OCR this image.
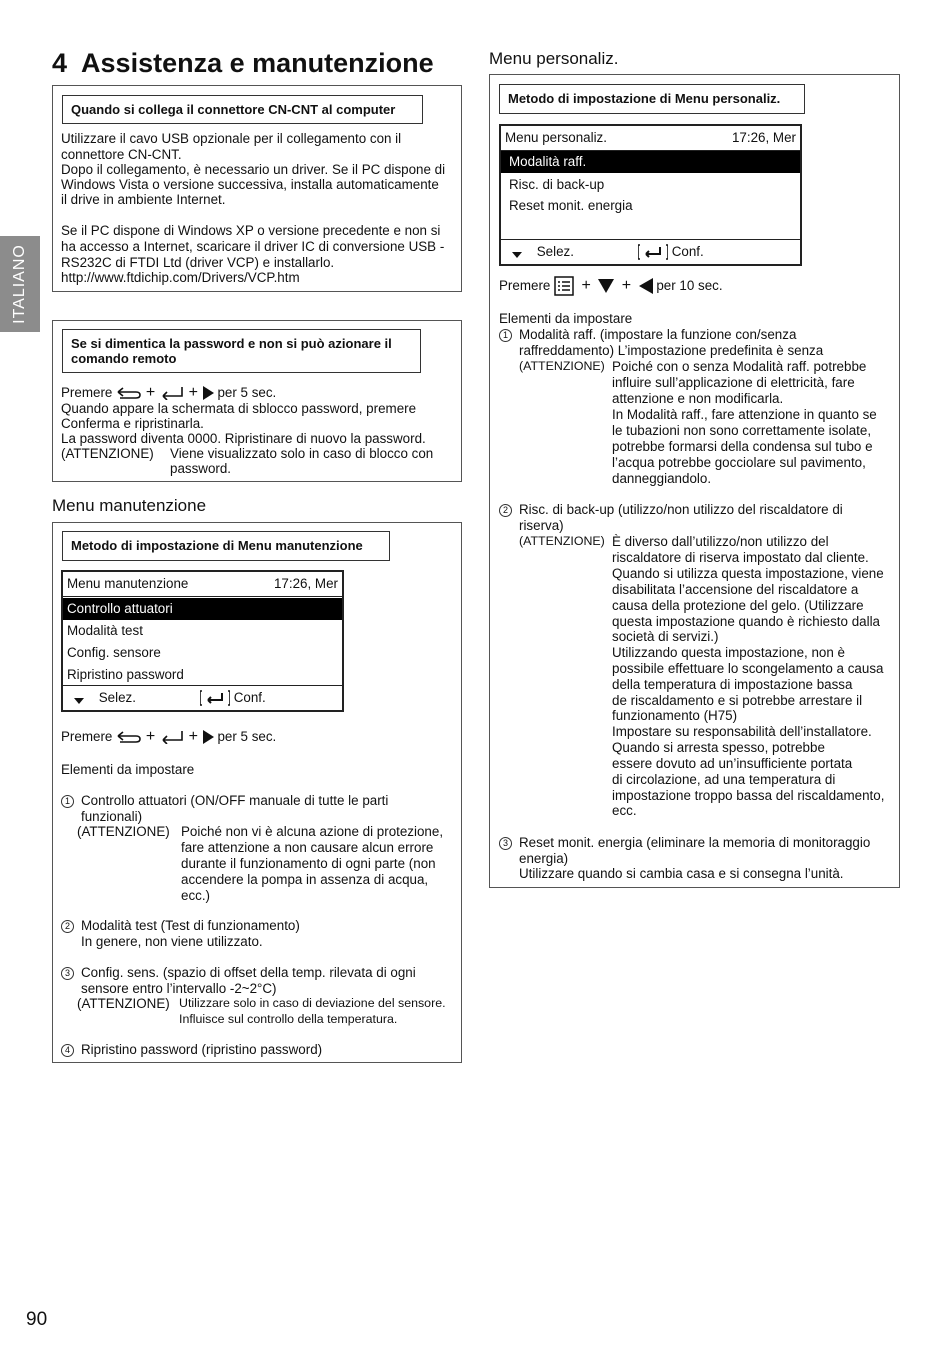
ITALIANO
4 Assistenza e manutenzione
Quando si collega il connettore CN-CNT al computer
Utilizzare il cavo USB opzionale per il collegamento con il
connettore CN-CNT.
Dopo il collegamento, è necessario un driver. Se il PC dispone di
Windows Vista o versione successiva, installa automaticamente
il drive in ambiente Internet.
Se il PC dispone di Windows XP o versione precedente e non si
ha accesso a Internet, scaricare il driver IC di conversione USB -
RS232C di FTDI Ltd (driver VCP) e installarlo.
http://www.ftdichip.com/Drivers/VCP.htm
Se si dimentica la password e non si può azionare il
comando remoto
Premere + + per 5 sec.
Quando appare la schermata di sblocco password, premere
Conferma e ripristinarla.
La password diventa 0000. Ripristinare di nuovo la password.
(ATTENZIONE) Viene visualizzato solo in caso di blocco con
password.
Menu manutenzione
Metodo di impostazione di Menu manutenzione
Menu manutenzione	17:26, Mer
Controllo attuatori
Modalità test
Config. sensore
Ripristino password
Selez.	Conf.
Premere + + per 5 sec.
Elementi da impostare
1 Controllo attuatori (ON/OFF manuale di tutte le parti
funzionali)
(ATTENZIONE) Poiché non vi è alcuna azione di protezione,
fare attenzione a non causare alcun errore
durante il funzionamento di ogni parte (non
accendere la pompa in assenza di acqua,
ecc.)
2 Modalità test (Test di funzionamento)
In genere, non viene utilizzato.
3 Config. sens. (spazio di offset della temp. rilevata di ogni
sensore entro l’intervallo -2~2°C)
(ATTENZIONE) Utilizzare solo in caso di deviazione del sensore.
Influisce sul controllo della temperatura.
4 Ripristino password (ripristino password)
Menu personaliz.
Metodo di impostazione di Menu personaliz.
Menu personaliz.	17:26, Mer
Modalità raff.
Risc. di back-up
Reset monit. energia
Selez.	Conf.
Premere + + per 10 sec.
Elementi da impostare
1 Modalità raff. (impostare la funzione con/senza
raffreddamento) L’impostazione predefinita è senza
(ATTENZIONE) Poiché con o senza Modalità raff. potrebbe
influire sull’applicazione di elettricità, fare
attenzione e non modificarla.
In Modalità raff., fare attenzione in quanto se
le tubazioni non sono correttamente isolate,
potrebbe formarsi della condensa sul tubo e
l’acqua potrebbe gocciolare sul pavimento,
danneggiandolo.
2 Risc. di back-up (utilizzo/non utilizzo del riscaldatore di
riserva)
(ATTENZIONE) È diverso dall’utilizzo/non utilizzo del
riscaldatore di riserva impostato dal cliente.
Quando si utilizza questa impostazione, viene
disabilitata l’accensione del riscaldatore a
causa della protezione del gelo. (Utilizzare
questa impostazione quando è richiesto dalla
società di servizi.)
Utilizzando questa impostazione, non è
possibile effettuare lo scongelamento a causa
della temperatura di impostazione bassa
de riscaldamento e si potrebbe arrestare il
funzionamento (H75)
Impostare su responsabilità dell’installatore.
Quando si arresta spesso, potrebbe
essere dovuto ad un’insufficiente portata
di circolazione, ad una temperatura di
impostazione troppo bassa del riscaldamento,
ecc.
3 Reset monit. energia (eliminare la memoria di monitoraggio
energia)
Utilizzare quando si cambia casa e si consegna l’unità.
90
